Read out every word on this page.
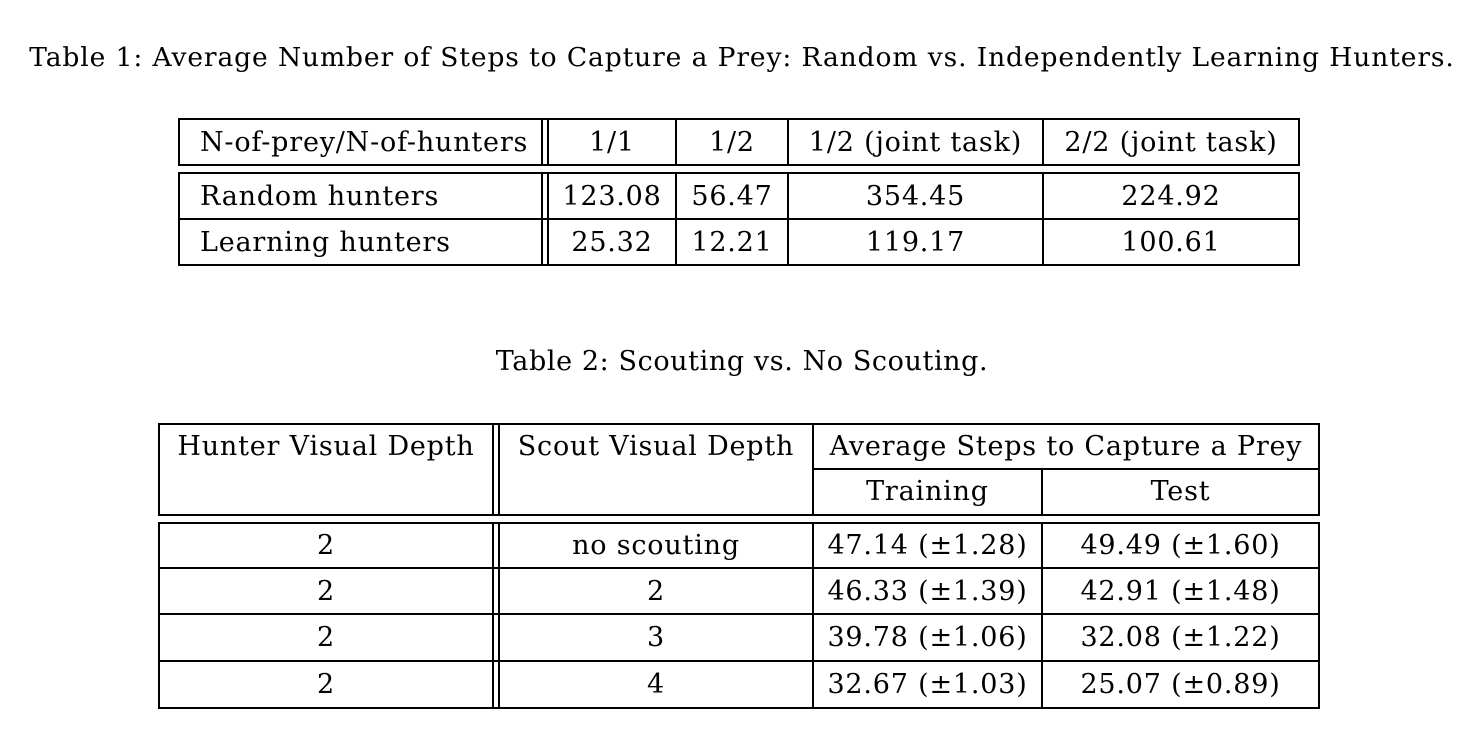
Table 1: Average Number of Steps to Capture a Prey: Random vs. Independently Learning Hunters.
Table 2: Scouting vs. No Scouting.
N-of-prey/N-of-hunters	1/1	1/2	1/2 (joint task)	2/2 (joint task)
Random hunters	123.08	56.47	354.45	224.92
Learning hunters	25.32	12.21	119.17	100.61
Hunter Visual Depth	Scout Visual Depth	Average Steps to Capture a Prey
Training	Test
2	no scouting	47.14 (±1.28)	49.49 (±1.60)
2	2	46.33 (±1.39)	42.91 (±1.48)
2	3	39.78 (±1.06)	32.08 (±1.22)
2	4	32.67 (±1.03)	25.07 (±0.89)
